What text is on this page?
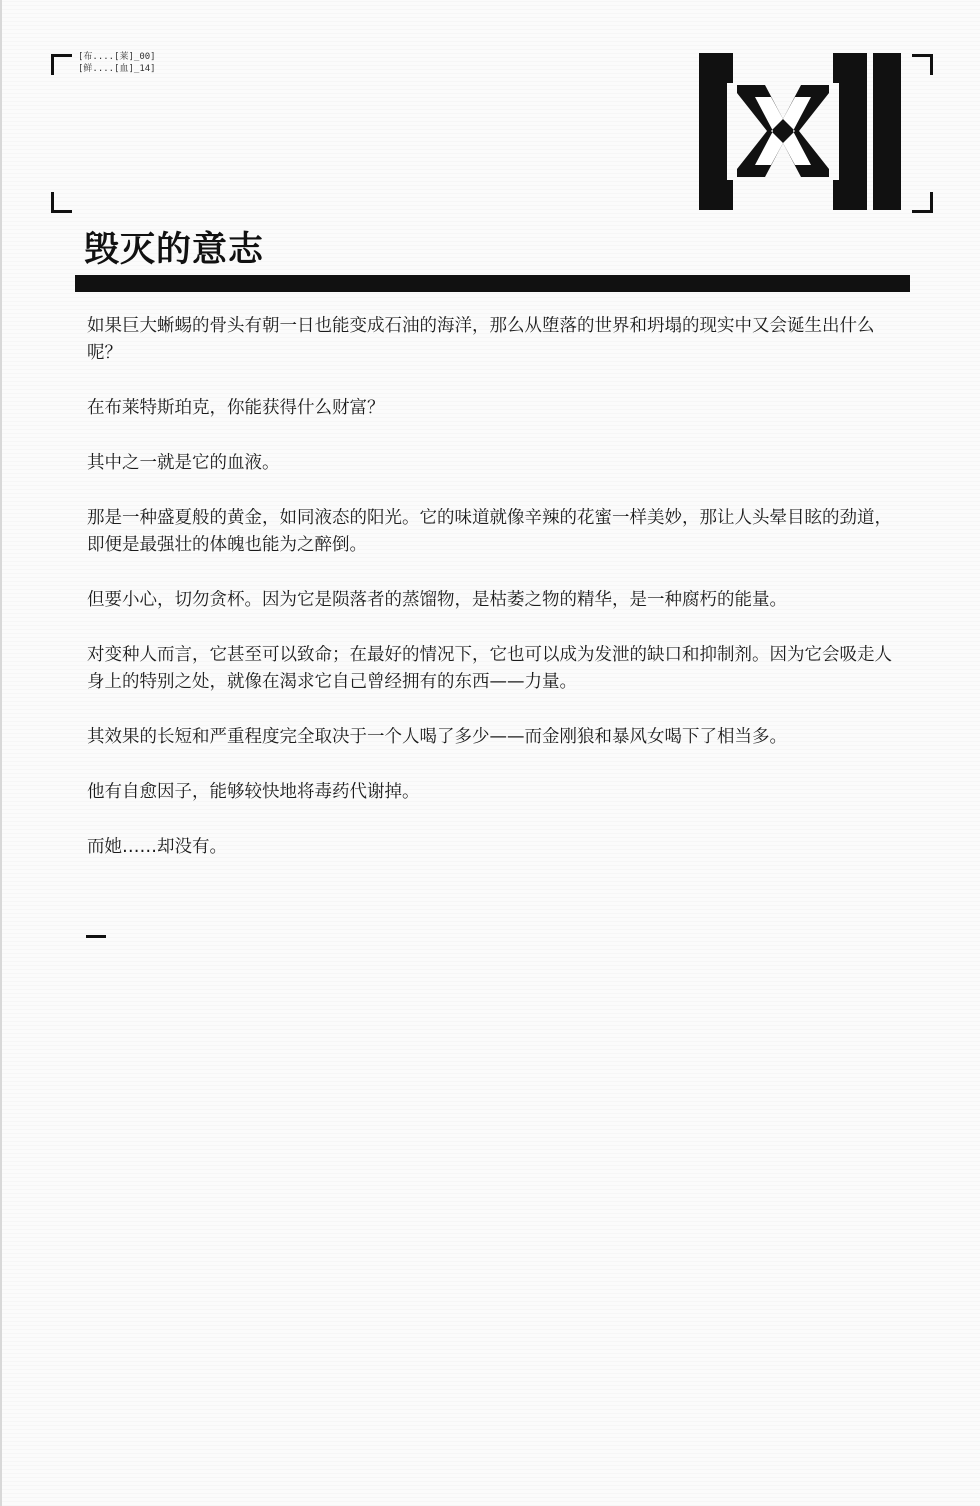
[布....[莱]_00]
[鲜....[血]_14]
毁灭的意志

如果巨大蜥蜴的骨头有朝一日也能变成石油的海洋，那么从堕落的世界和坍塌的现实中又会诞生出什么呢？

在布莱特斯珀克，你能获得什么财富？

其中之一就是它的血液。

那是一种盛夏般的黄金，如同液态的阳光。它的味道就像辛辣的花蜜一样美妙，那让人头晕目眩的劲道，即便是最强壮的体魄也能为之醉倒。

但要小心，切勿贪杯。因为它是陨落者的蒸馏物，是枯萎之物的精华，是一种腐朽的能量。

对变种人而言，它甚至可以致命；在最好的情况下，它也可以成为发泄的缺口和抑制剂。因为它会吸走人身上的特别之处，就像在渴求它自己曾经拥有的东西——力量。

其效果的长短和严重程度完全取决于一个人喝了多少——而金刚狼和暴风女喝下了相当多。

他有自愈因子，能够较快地将毒药代谢掉。

而她……却没有。
